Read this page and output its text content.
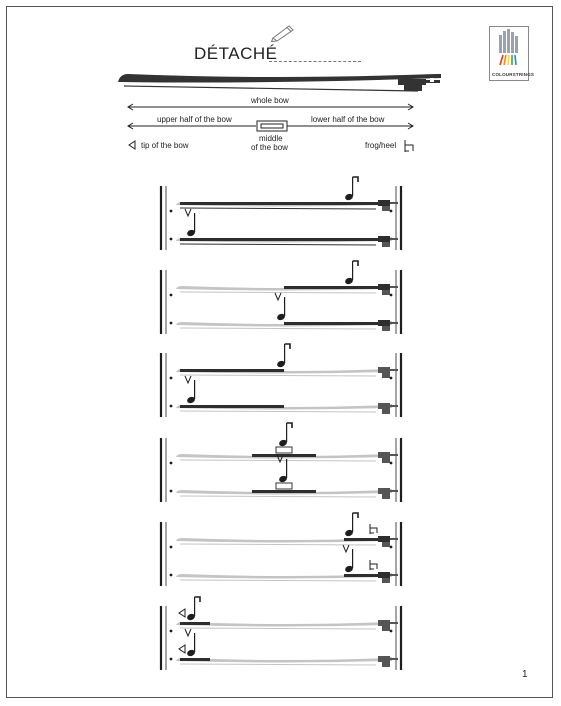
DÉTACHÉ
COLOURSTRINGS
whole bow
upper half of the bow	lower half of the bow
middle
of the bow
tip of the bow	frog/heel
1
